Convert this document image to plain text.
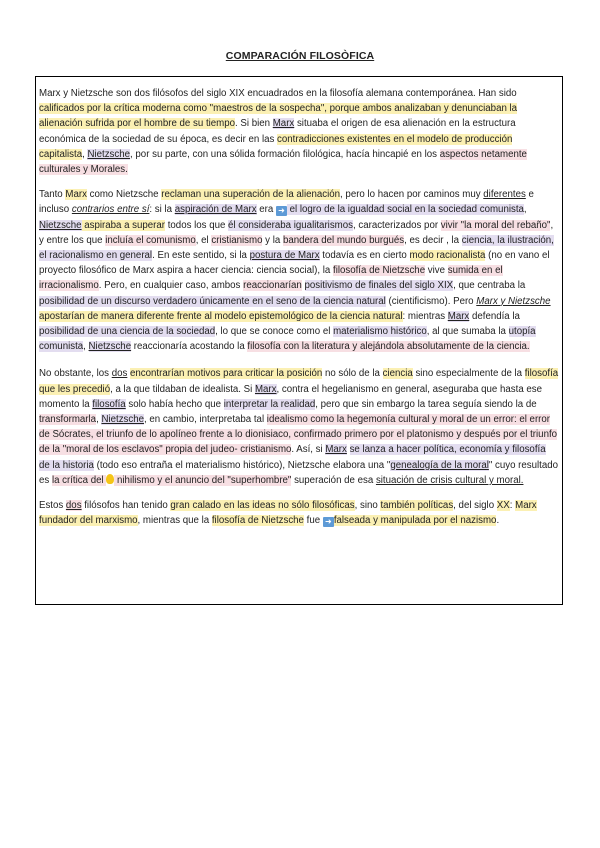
COMPARACIÓN FILOSÒFICA

Marx y Nietzsche son dos filósofos del siglo XIX encuadrados en la filosofía alemana contemporánea. Han sido calificados por la crítica moderna como "maestros de la sospecha", porque ambos analizaban y denunciaban la alienación sufrida por el hombre de su tiempo. Si bien Marx situaba el origen de esa alienación en la estructura económica de la sociedad de su época, es decir en las contradicciones existentes en el modelo de producción capitalista, Nietzsche, por su parte, con una sólida formación filológica, hacía hincapié en los aspectos netamente culturales y Morales.

Tanto Marx como Nietzsche reclaman una superación de la alienación, pero lo hacen por caminos muy diferentes e incluso contrarios entre sí: si la aspiración de Marx era ➜ el logro de la igualdad social en la sociedad comunista, Nietzsche aspiraba a superar todos los que él consideraba igualitarismos, caracterizados por vivir "la moral del rebaño", y entre los que incluía el comunismo, el cristianismo y la bandera del mundo burgués, es decir , la ciencia, la ilustración, el racionalismo en general. En este sentido, si la postura de Marx todavía es en cierto modo racionalista (no en vano el proyecto filosófico de Marx aspira a hacer ciencia: ciencia social), la filosofía de Nietzsche vive sumida en el irracionalismo. Pero, en cualquier caso, ambos reaccionarían positivismo de finales del siglo XIX, que centraba la posibilidad de un discurso verdadero únicamente en el seno de la ciencia natural (cientificismo). Pero Marx y Nietzsche apostarían de manera diferente frente al modelo epistemológico de la ciencia natural: mientras Marx defendía la posibilidad de una ciencia de la sociedad, lo que se conoce como el materialismo histórico, al que sumaba la utopía comunista, Nietzsche reaccionaría acostando la filosofía con la literatura y alejándola absolutamente de la ciencia.

No obstante, los dos encontrarían motivos para criticar la posición no sólo de la ciencia sino especialmente de la filosofía que les precedió, a la que tildaban de idealista. Si Marx, contra el hegelianismo en general, aseguraba que hasta ese momento la filosofía solo había hecho que interpretar la realidad, pero que sin embargo la tarea seguía siendo la de transformarla, Nietzsche, en cambio, interpretaba tal idealismo como la hegemonía cultural y moral de un error: el error de Sócrates, el triunfo de lo apolíneo frente a lo dionisiaco, confirmado primero por el platonismo y después por el triunfo de la "moral de los esclavos" propia del judeo- cristianismo. Así, si Marx se lanza a hacer política, economía y filosofía de la historia (todo eso entraña el materialismo histórico), Nietzsche elabora una "genealogía de la moral" cuyo resultado es la crítica del  nihilismo y el anuncio del "superhombre" superación de esa situación de crisis cultural y moral.

Estos dos filósofos han tenido gran calado en las ideas no sólo filosóficas, sino también políticas, del siglo XX: Marx fundador del marxismo, mientras que la filosofía de Nietzsche fue ➜ falseada y manipulada por el nazismo.
